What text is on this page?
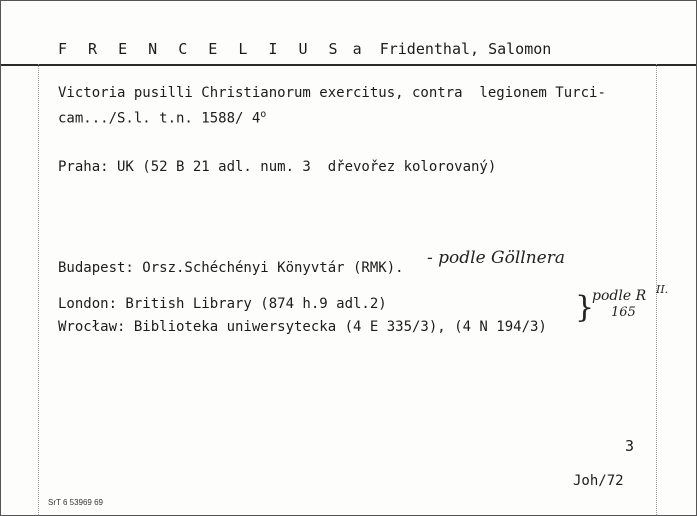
F R E N C E L I U S a  Fridenthal, Salomon
Victoria pusilli Christianorum exercitus, contra  legionem Turci-
cam.../S.l. t.n. 1588/ 4$^o$
Praha: UK (52 B 21 adl. num. 3  dřevořez kolorovaný)
Budapest: Orsz.Schéchényi Könyvtár (RMK). - podle Göllnera
London: British Library (874 h.9 adl.2)
Wrocław: Biblioteka uniwersytecka (4 E 335/3), (4 N 194/3)
}
podle R II.
165
3
Joh/72
SrT 6 53969 69
